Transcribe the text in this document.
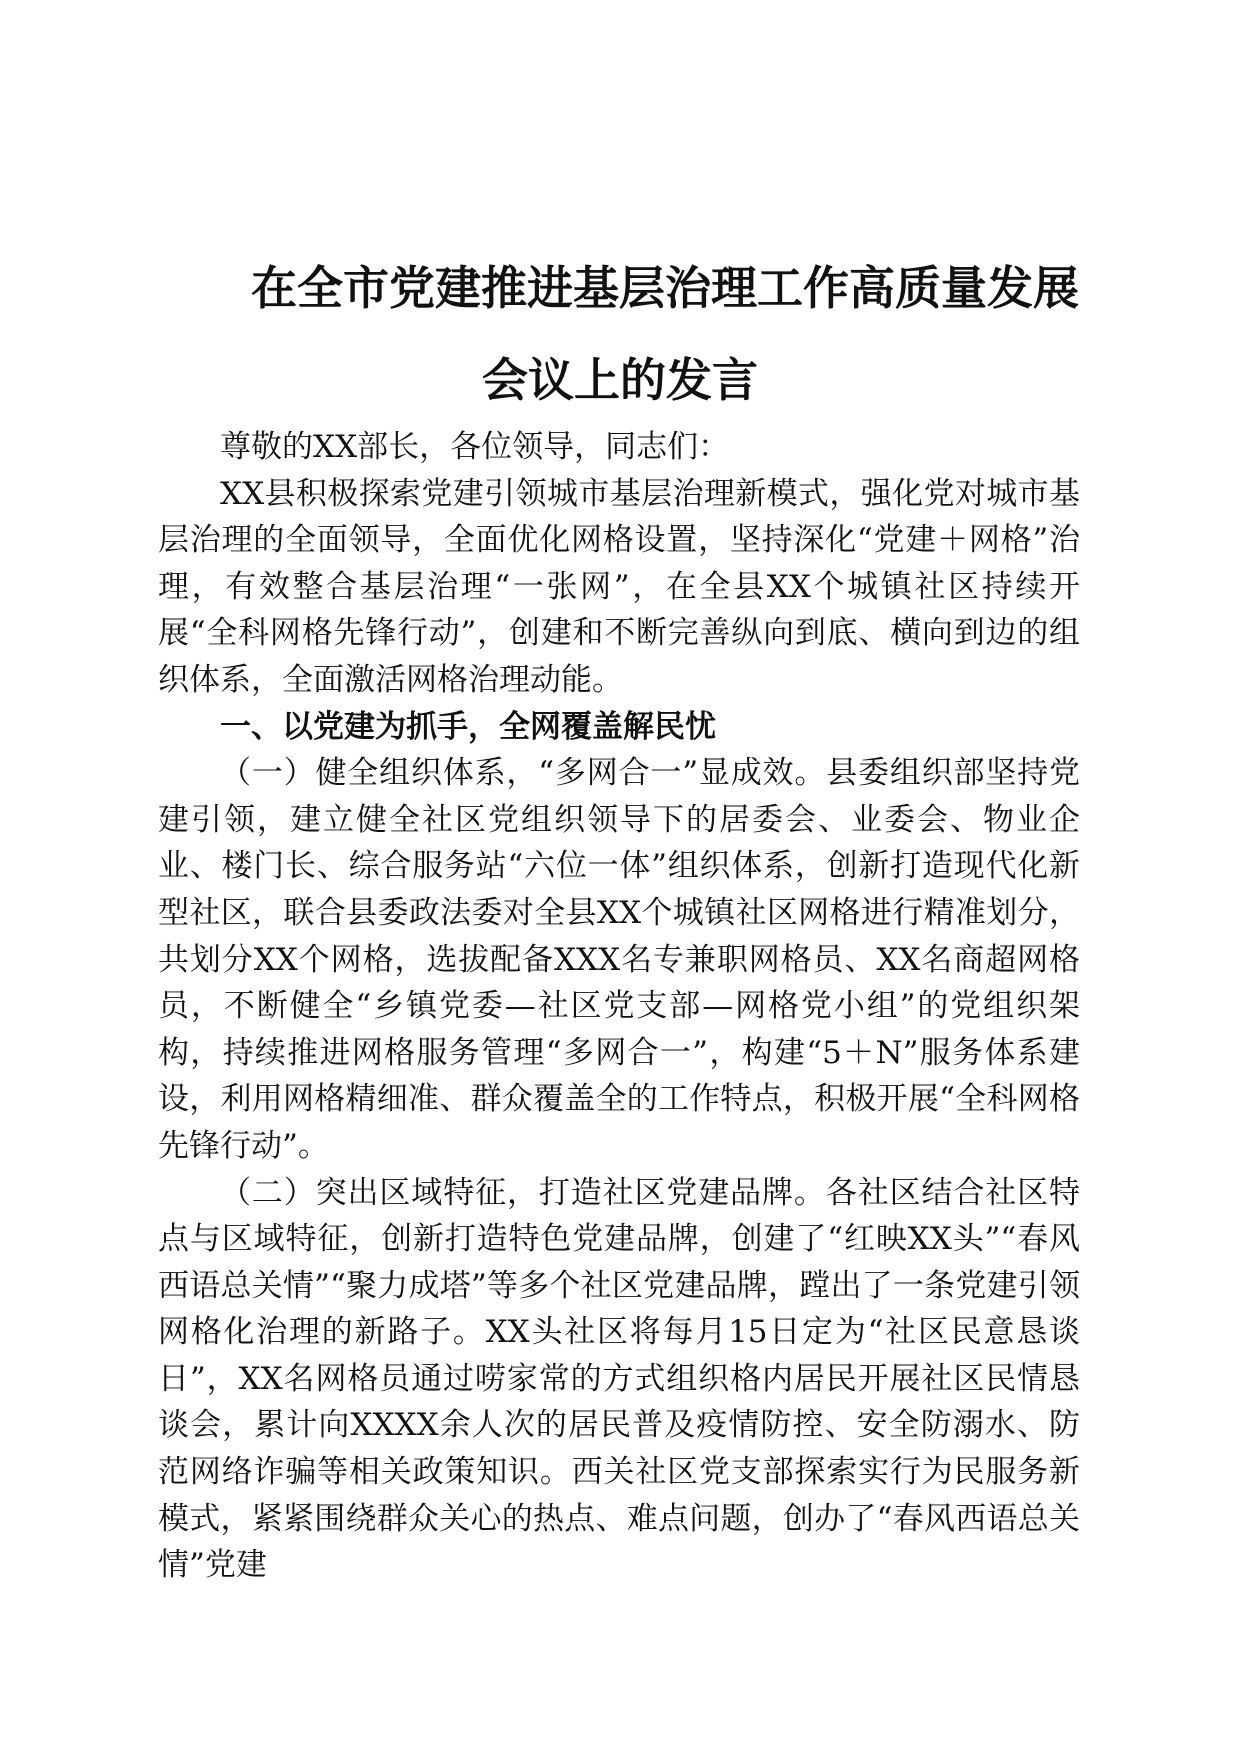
在全市党建推进基层治理工作高质量发展
会议上的发言

尊敬的XX部长，各位领导，同志们：

XX县积极探索党建引领城市基层治理新模式，强化党对城市基层治理的全面领导，全面优化网格设置，坚持深化“党建＋网格”治理，有效整合基层治理“一张网”，在全县XX个城镇社区持续开展“全科网格先锋行动”，创建和不断完善纵向到底、横向到边的组织体系，全面激活网格治理动能。

一、以党建为抓手，全网覆盖解民忧

（一）健全组织体系，“多网合一”显成效。县委组织部坚持党建引领，建立健全社区党组织领导下的居委会、业委会、物业企业、楼门长、综合服务站“六位一体”组织体系，创新打造现代化新型社区，联合县委政法委对全县XX个城镇社区网格进行精准划分，共划分XX个网格，选拔配备XXX名专兼职网格员、XX名商超网格员，不断健全“乡镇党委—社区党支部—网格党小组”的党组织架构，持续推进网格服务管理“多网合一”，构建“5＋N”服务体系建设，利用网格精细准、群众覆盖全的工作特点，积极开展“全科网格先锋行动”。

（二）突出区域特征，打造社区党建品牌。各社区结合社区特点与区域特征，创新打造特色党建品牌，创建了“红映XX头”“春风西语总关情”“聚力成塔”等多个社区党建品牌，蹚出了一条党建引领网格化治理的新路子。XX头社区将每月15日定为“社区民意恳谈日”，XX名网格员通过唠家常的方式组织格内居民开展社区民情恳谈会，累计向XXXX余人次的居民普及疫情防控、安全防溺水、防范网络诈骗等相关政策知识。西关社区党支部探索实行为民服务新模式，紧紧围绕群众关心的热点、难点问题，创办了“春风西语总关情”党建
